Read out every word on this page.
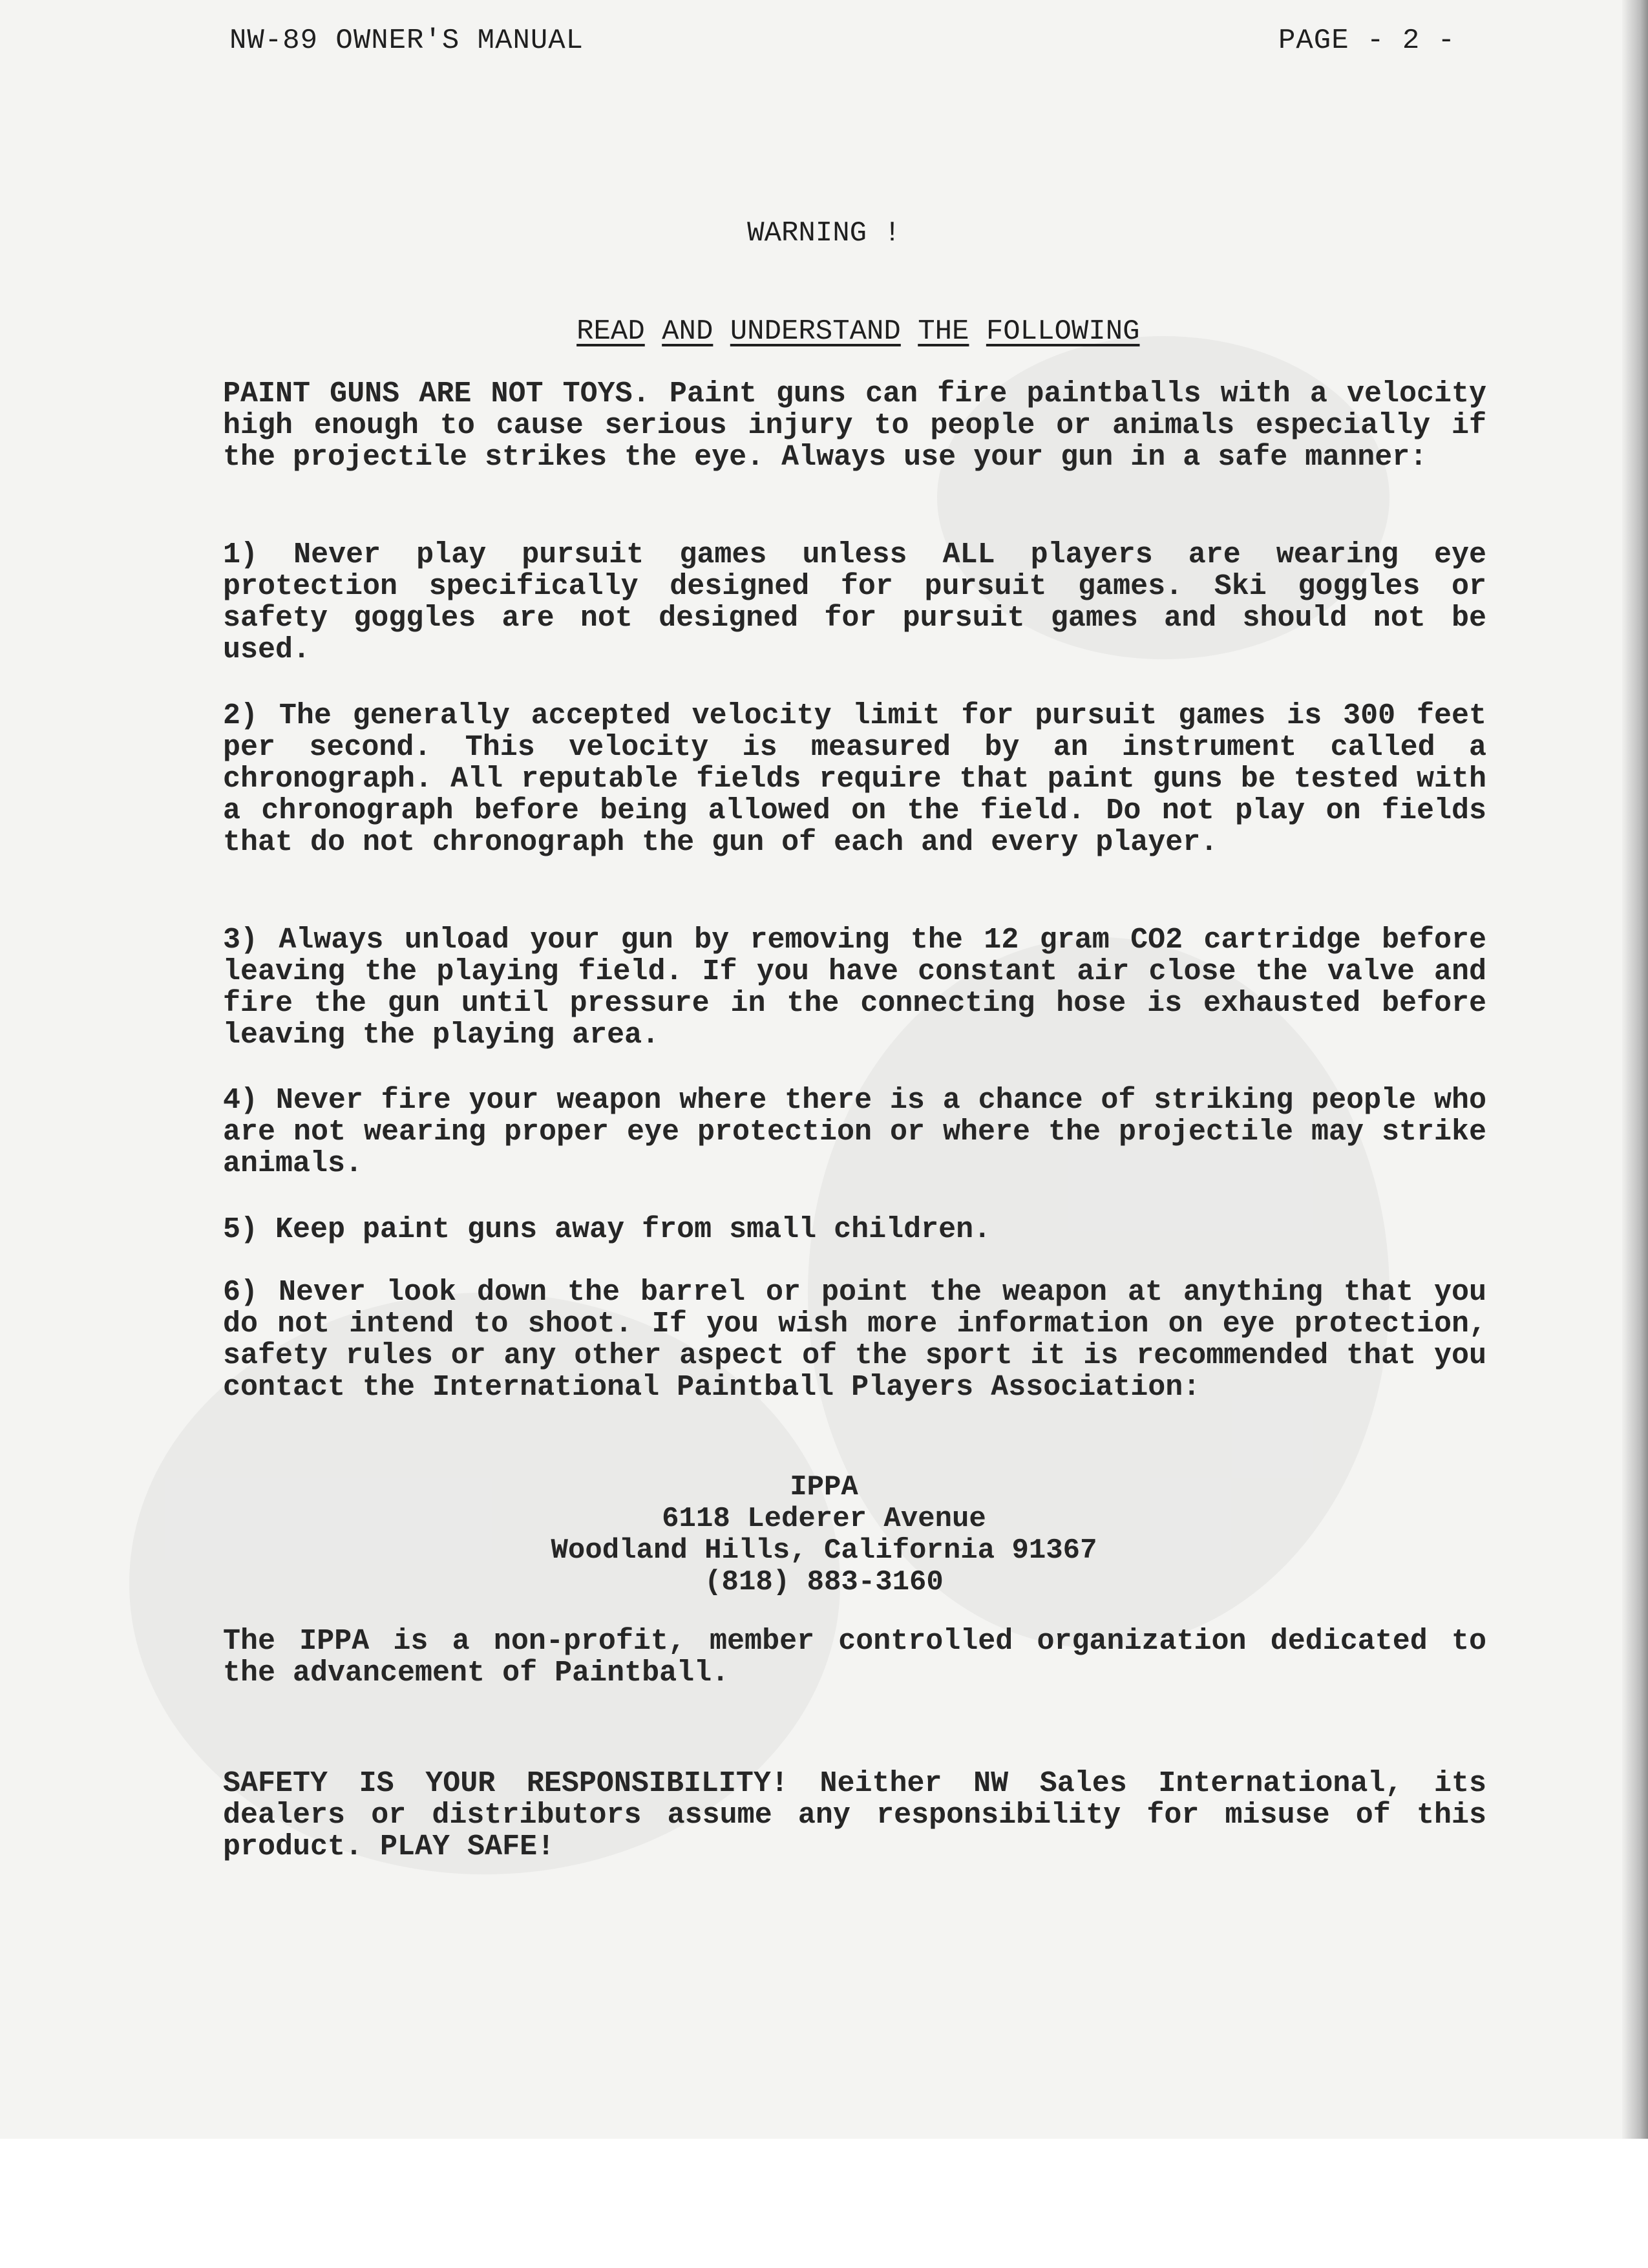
NW-89 OWNER'S MANUAL	PAGE - 2 -
WARNING !

READ AND UNDERSTAND THE FOLLOWING

PAINT GUNS ARE NOT TOYS. Paint guns can fire paintballs with a velocity high enough to cause serious injury to people or animals especially if the projectile strikes the eye. Always use your gun in a safe manner:

1) Never play pursuit games unless ALL players are wearing eye protection specifically designed for pursuit games. Ski goggles or safety goggles are not designed for pursuit games and should not be used.

2) The generally accepted velocity limit for pursuit games is 300 feet per second. This velocity is measured by an instrument called a chronograph. All reputable fields require that paint guns be tested with a chronograph before being allowed on the field. Do not play on fields that do not chronograph the gun of each and every player.

3) Always unload your gun by removing the 12 gram CO2 cartridge before leaving the playing field. If you have constant air close the valve and fire the gun until pressure in the connecting hose is exhausted before leaving the playing area.

4) Never fire your weapon where there is a chance of striking people who are not wearing proper eye protection or where the projectile may strike animals.

5) Keep paint guns away from small children.

6) Never look down the barrel or point the weapon at anything that you do not intend to shoot. If you wish more information on eye protection, safety rules or any other aspect of the sport it is recommended that you contact the International Paintball Players Association:

IPPA
6118 Lederer Avenue
Woodland Hills, California 91367
(818) 883-3160

The IPPA is a non-profit, member controlled organization dedicated to the advancement of Paintball.

SAFETY IS YOUR RESPONSIBILITY! Neither NW Sales International, its dealers or distributors assume any responsibility for misuse of this product. PLAY SAFE!
